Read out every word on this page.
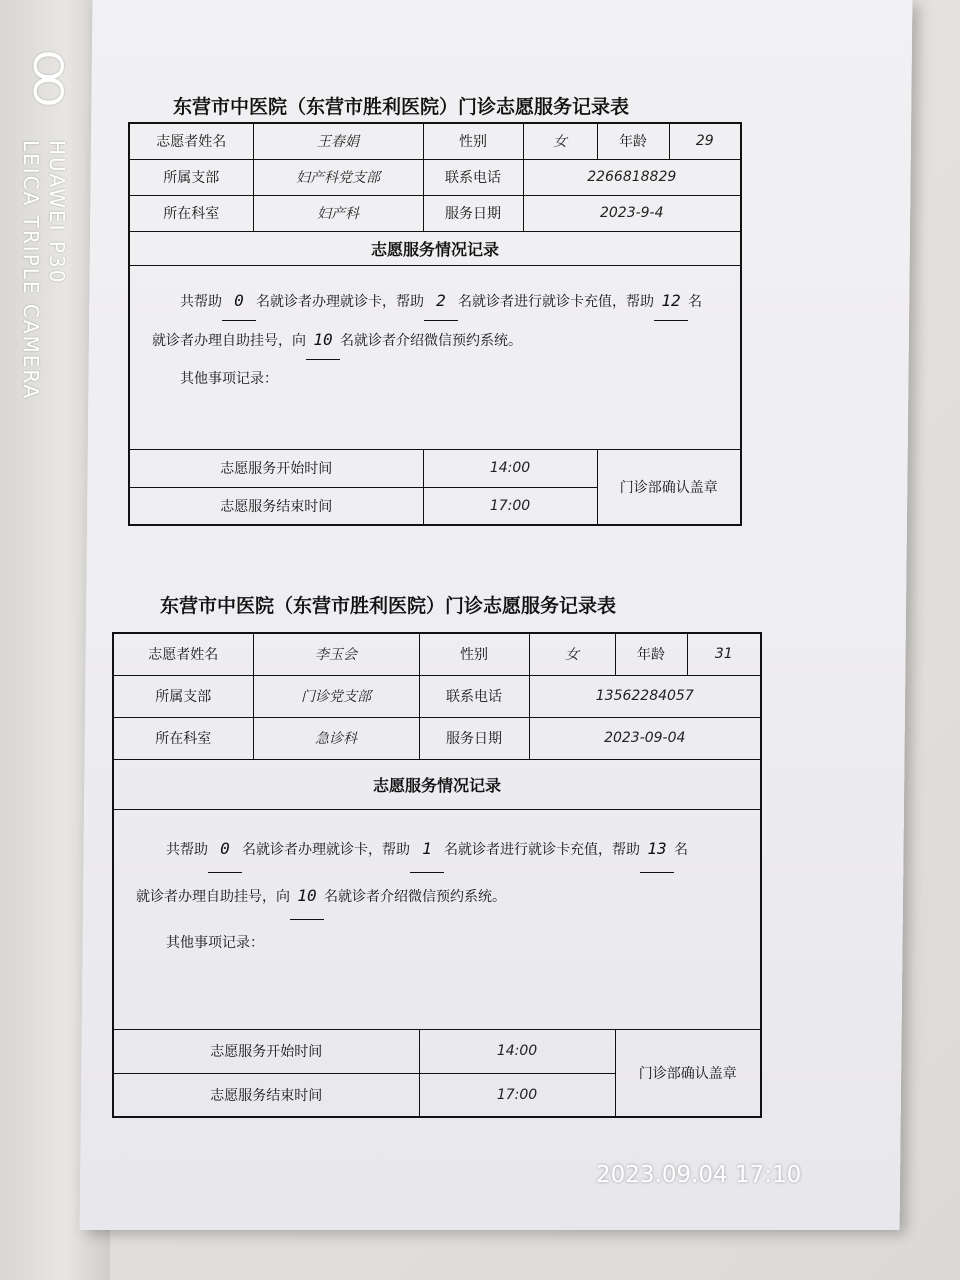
OO
HUAWEI P30
LEICA TRIPLE CAMERA
东营市中医院（东营市胜利医院）门诊志愿服务记录表
志愿者姓名	王春娟	性别	女	年龄	29
所属支部	妇产科党支部	联系电话	2266818829		
所在科室	妇产科	服务日期	2023-9-4		
志愿服务情况记录					

共帮助 0 名就诊者办理就诊卡，帮助 2 名就诊者进行就诊卡充值，帮助 12 名
就诊者办理自助挂号，向 10 名就诊者介绍微信预约系统。
其他事项记录：					

志愿服务开始时间		14:00		门诊部确认盖章	
志愿服务结束时间		17:00			
东营市中医院（东营市胜利医院）门诊志愿服务记录表
志愿者姓名	李玉会	性别	女	年龄	31
所属支部	门诊党支部	联系电话	13562284057		
所在科室	急诊科	服务日期	2023-09-04		
志愿服务情况记录					

共帮助 0 名就诊者办理就诊卡，帮助 1 名就诊者进行就诊卡充值，帮助 13 名
就诊者办理自助挂号，向 10 名就诊者介绍微信预约系统。
其他事项记录：					

志愿服务开始时间		14:00		门诊部确认盖章	
志愿服务结束时间		17:00			
2023.09.04 17:10
